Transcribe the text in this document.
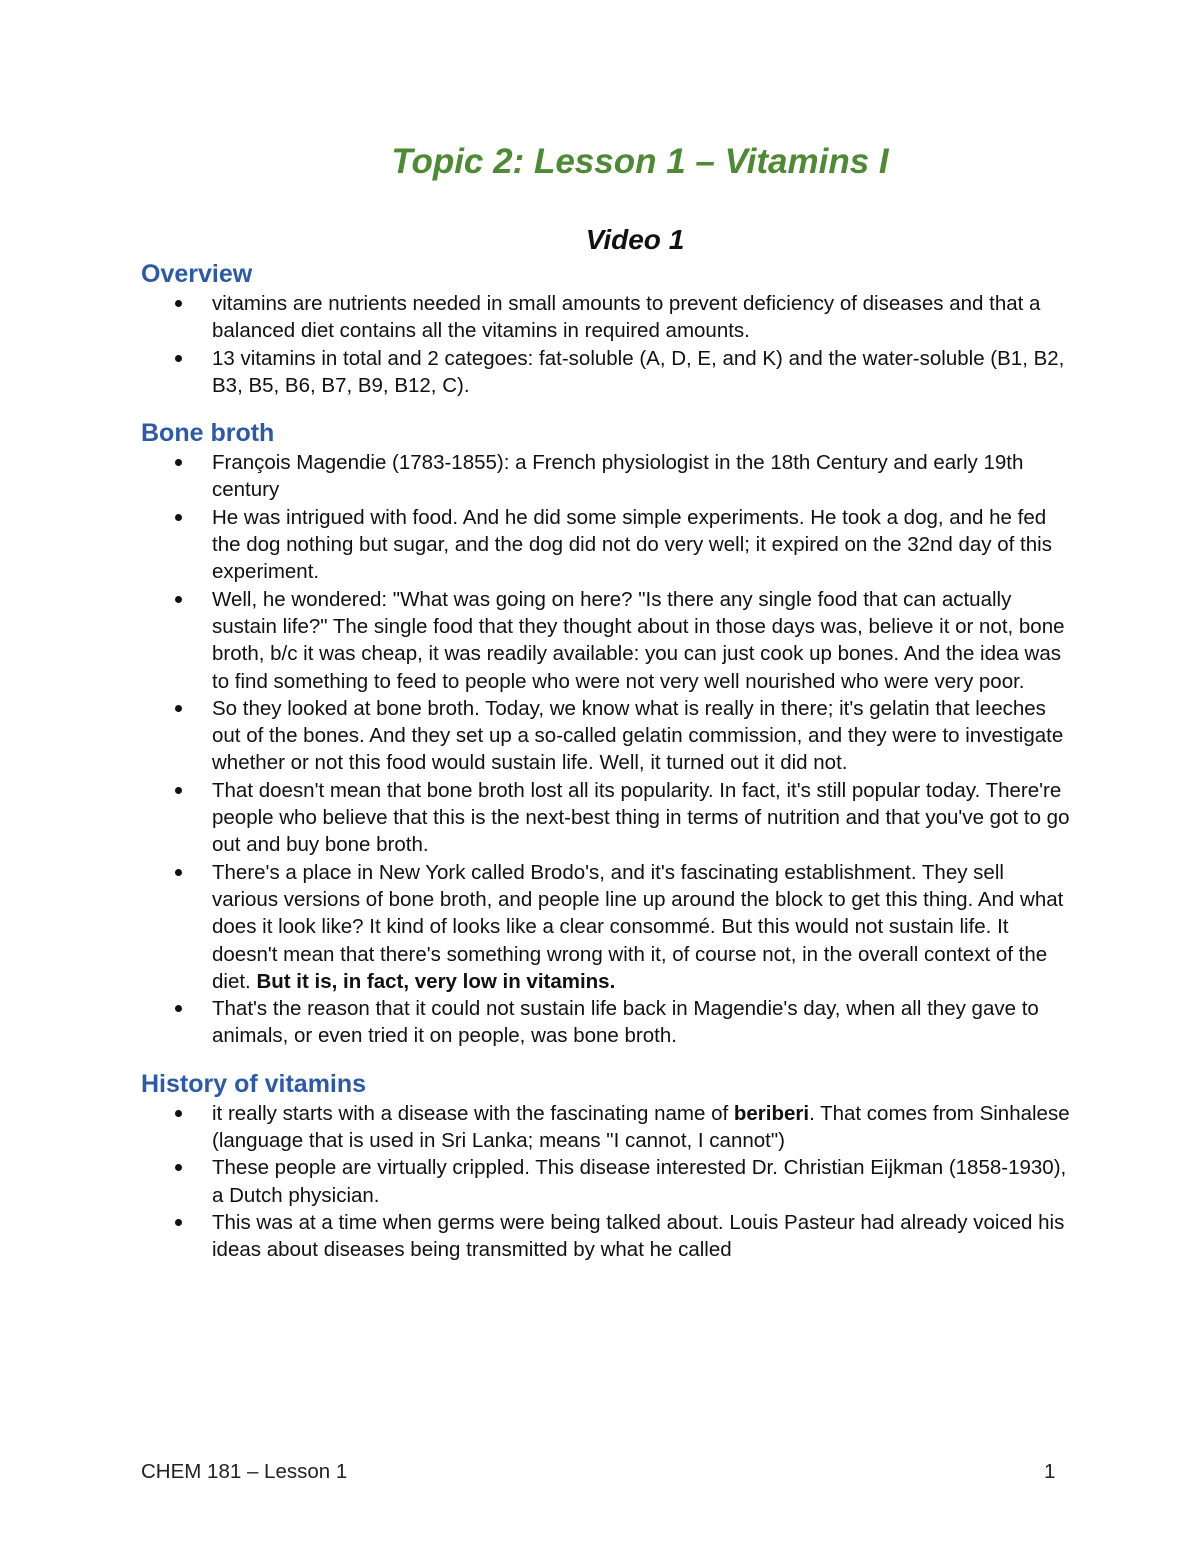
Topic 2: Lesson 1 – Vitamins I
Video 1
Overview
vitamins are nutrients needed in small amounts to prevent deficiency of diseases and that a balanced diet contains all the vitamins in required amounts.
13 vitamins in total and 2 categoes: fat-soluble (A, D, E, and K) and the water-soluble (B1, B2, B3, B5, B6, B7, B9, B12, C).
Bone broth
François Magendie (1783-1855): a French physiologist in the 18th Century and early 19th century
He was intrigued with food. And he did some simple experiments. He took a dog, and he fed the dog nothing but sugar, and the dog did not do very well; it expired on the 32nd day of this experiment.
Well, he wondered: "What was going on here? "Is there any single food that can actually sustain life?" The single food that they thought about in those days was, believe it or not, bone broth, b/c it was cheap, it was readily available: you can just cook up bones. And the idea was to find something to feed to people who were not very well nourished who were very poor.
So they looked at bone broth. Today, we know what is really in there; it's gelatin that leeches out of the bones. And they set up a so-called gelatin commission, and they were to investigate whether or not this food would sustain life. Well, it turned out it did not.
That doesn't mean that bone broth lost all its popularity. In fact, it's still popular today. There're people who believe that this is the next-best thing in terms of nutrition and that you've got to go out and buy bone broth.
There's a place in New York called Brodo's, and it's fascinating establishment. They sell various versions of bone broth, and people line up around the block to get this thing. And what does it look like? It kind of looks like a clear consommé. But this would not sustain life. It doesn't mean that there's something wrong with it, of course not, in the overall context of the diet. But it is, in fact, very low in vitamins.
That's the reason that it could not sustain life back in Magendie's day, when all they gave to animals, or even tried it on people, was bone broth.
History of vitamins
it really starts with a disease with the fascinating name of beriberi. That comes from Sinhalese (language that is used in Sri Lanka; means "I cannot, I cannot")
These people are virtually crippled. This disease interested Dr. Christian Eijkman (1858-1930), a Dutch physician.
This was at a time when germs were being talked about. Louis Pasteur had already voiced his ideas about diseases being transmitted by what he called
CHEM 181 – Lesson 1	1
